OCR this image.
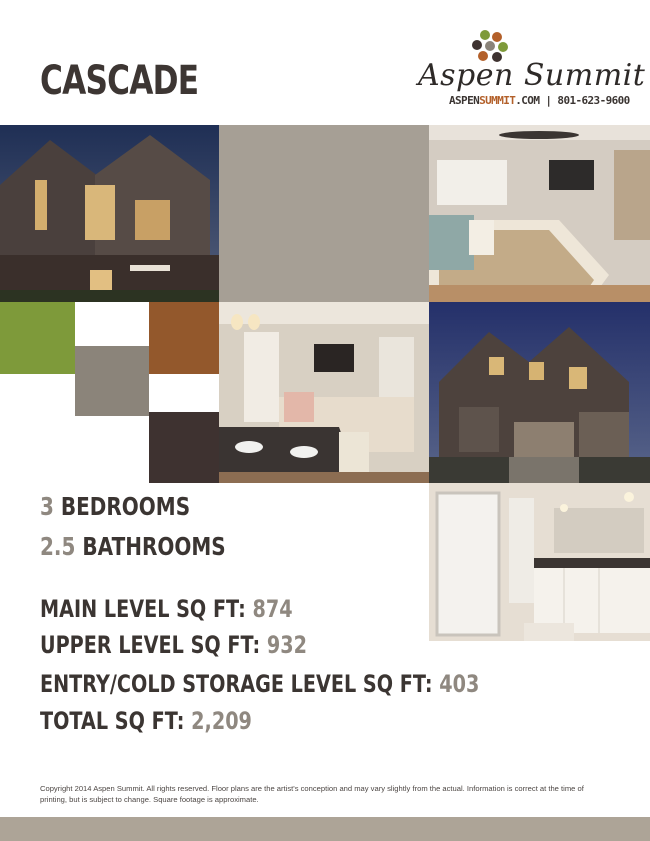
CASCADE	Aspen Summit
ASPENSUMMIT.COM | 801-623-9600
3 BEDROOMS
2.5 BATHROOMS
MAIN LEVEL SQ FT: 874
UPPER LEVEL SQ FT: 932
ENTRY/COLD STORAGE LEVEL SQ FT: 403
TOTAL SQ FT: 2,209
Copyright 2014 Aspen Summit. All rights reserved. Floor plans are the artist's conception and may vary slightly from the actual. Information is correct at the time of printing, but is subject to change. Square footage is approximate.
